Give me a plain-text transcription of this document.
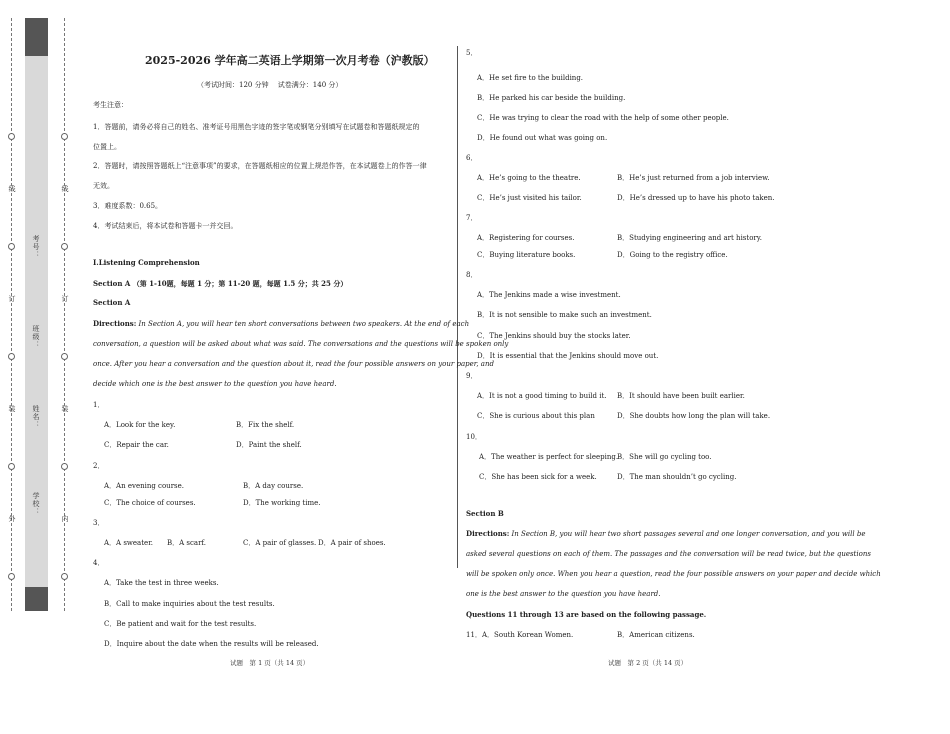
学校：
姓名：
班级：
考号：
外
装
订
线
内
装
订
线
2025-2026 学年高二英语上学期第一次月考卷（沪教版）
（考试时间：120 分钟　 试卷满分：140 分）
考生注意：
1．答题前，请务必将自己的姓名、准考证号用黑色字迹的签字笔或钢笔分别填写在试题卷和答题纸规定的
位置上。
2．答题时，请按照答题纸上“注意事项”的要求，在答题纸相应的位置上规范作答，在本试题卷上的作答一律
无效。
3．难度系数：0.65。
4．考试结束后，将本试卷和答题卡一并交回。
I.Listening Comprehension
Section A （第 1-10题，每题 1 分；第 11-20 题，每题 1.5 分；共 25 分）
Section A
Directions: In Section A, you will hear ten short conversations between two speakers. At the end of each
conversation, a question will be asked about what was said. The conversations and the questions will be spoken only
once. After you hear a conversation and the question about it, read the four possible answers on your paper, and
decide which one is the best answer to the question you have heard.
1．
A．Look for the key.	B．Fix the shelf.
C．Repair the car.	D．Paint the shelf.
2．
A．An evening course.	B．A day course.
C．The choice of courses.	D．The working time.
3．
A．A sweater. B．A scarf.	C．A pair of glasses. D．A pair of shoes.
4．
A．Take the test in three weeks.
B．Call to make inquiries about the test results.
C．Be patient and wait for the test results.
D．Inquire about the date when the results will be released.
试题　第 1 页（共 14 页）
5．
A．He set fire to the building.
B．He parked his car beside the building.
C．He was trying to clear the road with the help of some other people.
D．He found out what was going on.
6．
A．He’s going to the theatre.	B．He’s just returned from a job interview.
C．He’s just visited his tailor.	D．He’s dressed up to have his photo taken.
7．
A．Registering for courses.	B．Studying engineering and art history.
C．Buying literature books.	D．Going to the registry office.
8．
A．The Jenkins made a wise investment.
B．It is not sensible to make such an investment.
C．The Jenkins should buy the stocks later.
D．It is essential that the Jenkins should move out.
9．
A．It is not a good timing to build it. B．It should have been built earlier.
C．She is curious about this plan	D．She doubts how long the plan will take.
10．
A．The weather is perfect for sleeping.
B．She will go cycling too.
C．She has been sick for a week.	D．The man shouldn’t go cycling.
Section B
Directions: In Section B, you will hear two short passages several and one longer conversation, and you will be
asked several questions on each of them. The passages and the conversation will be read twice, but the questions
will be spoken only once. When you hear a question, read the four possible answers on your paper and decide which
one is the best answer to the question you have heard.
Questions 11 through 13 are based on the following passage.
11． A．South Korean Women.	B．American citizens.
试题　第 2 页（共 14 页）
